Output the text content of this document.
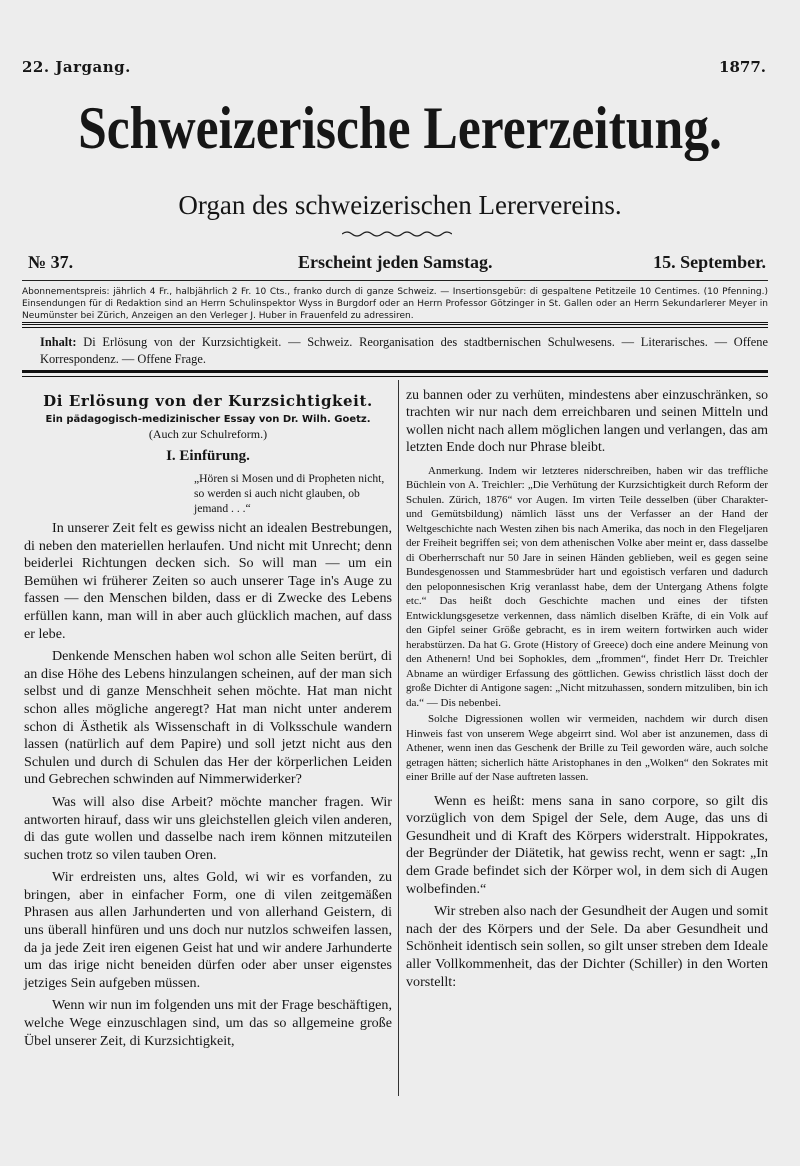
22. Jargang.	1877.
Schweizerische Lererzeitung.
Organ des schweizerischen Lerervereins.
№ 37.	Erscheint jeden Samstag.	15. September.
Abonnementspreis: jährlich 4 Fr., halbjährlich 2 Fr. 10 Cts., franko durch di ganze Schweiz. — Insertionsgebür: di gespaltene Petitzeile 10 Centimes. (10 Pfenning.) Einsendungen für di Redaktion sind an Herrn Schulinspektor Wyss in Burgdorf oder an Herrn Professor Götzinger in St. Gallen oder an Herrn Sekundarlerer Meyer in Neumünster bei Zürich, Anzeigen an den Verleger J. Huber in Frauenfeld zu adressiren.
Inhalt: Di Erlösung von der Kurzsichtigkeit. — Schweiz. Reorganisation des stadtbernischen Schulwesens. — Literarisches. — Offene Korrespondenz. — Offene Frage.
Di Erlösung von der Kurzsichtigkeit.
Ein pädagogisch-medizinischer Essay von Dr. Wilh. Goetz.
(Auch zur Schulreform.)
I. Einfürung.
„Hören si Mosen und di Propheten nicht, so werden si auch nicht glauben, ob jemand . . .“

In unserer Zeit felt es gewiss nicht an idealen Bestrebungen, di neben den materiellen herlaufen. Und nicht mit Unrecht; denn beiderlei Richtungen decken sich. So will man — um ein Bemühen wi früherer Zeiten so auch unserer Tage in's Auge zu fassen — den Menschen bilden, dass er di Zwecke des Lebens erfüllen kann, man will in aber auch glücklich machen, auf dass er lebe.

Denkende Menschen haben wol schon alle Seiten berürt, di an dise Höhe des Lebens hinzulangen scheinen, auf der man sich selbst und di ganze Menschheit sehen möchte. Hat man nicht schon alles mögliche angeregt? Hat man nicht unter anderem schon di Ästhetik als Wissenschaft in di Volksschule wandern lassen (natürlich auf dem Papire) und soll jetzt nicht aus den Schulen und durch di Schulen das Her der körperlichen Leiden und Gebrechen schwinden auf Nimmerwiderker?

Was will also dise Arbeit? möchte mancher fragen. Wir antworten hirauf, dass wir uns gleichstellen gleich vilen anderen, di das gute wollen und dasselbe nach irem können mitzuteilen suchen trotz so vilen tauben Oren.

Wir erdreisten uns, altes Gold, wi wir es vorfanden, zu bringen, aber in einfacher Form, one di vilen zeitgemäßen Phrasen aus allen Jarhunderten und von allerhand Geistern, di uns überall hinfüren und uns doch nur nutzlos schweifen lassen, da ja jede Zeit iren eigenen Geist hat und wir andere Jarhunderte um das irige nicht beneiden dürfen oder aber unser eigenstes jetziges Sein aufgeben müssen.

Wenn wir nun im folgenden uns mit der Frage beschäftigen, welche Wege einzuschlagen sind, um das so allgemeine große Übel unserer Zeit, di Kurzsichtigkeit,

zu bannen oder zu verhüten, mindestens aber einzuschränken, so trachten wir nur nach dem erreichbaren und seinen Mitteln und wollen nicht nach allem möglichen langen und verlangen, das am letzten Ende doch nur Phrase bleibt.

Anmerkung. Indem wir letzteres niderschreiben, haben wir das treffliche Büchlein von A. Treichler: „Die Verhütung der Kurzsichtigkeit durch Reform der Schulen. Zürich, 1876“ vor Augen. Im virten Teile desselben (über Charakter- und Gemütsbildung) nämlich lässt uns der Verfasser an der Hand der Weltgeschichte nach Westen zihen bis nach Amerika, das noch in den Flegeljaren der Freiheit begriffen sei; von dem athenischen Volke aber meint er, dass dasselbe di Oberherrschaft nur 50 Jare in seinen Händen geblieben, weil es gegen seine Bundesgenossen und Stammesbrüder hart und egoistisch verfaren und dadurch den peloponnesischen Krig veranlasst habe, dem der Untergang Athens folgte etc.“ Das heißt doch Geschichte machen und eines der tifsten Entwicklungsgesetze verkennen, dass nämlich diselben Kräfte, di ein Volk auf den Gipfel seiner Größe gebracht, es in irem weitern fortwirken auch wider herabstürzen. Da hat G. Grote (History of Greece) doch eine andere Meinung von den Athenern! Und bei Sophokles, dem „frommen“, findet Herr Dr. Treichler Abname an würdiger Erfassung des göttlichen. Gewiss christlich lässt doch der große Dichter di Antigone sagen: „Nicht mitzuhassen, sondern mitzuliben, bin ich da.“ — Dis nebenbei.

Solche Digressionen wollen wir vermeiden, nachdem wir durch disen Hinweis fast von unserem Wege abgeirrt sind. Wol aber ist anzunemen, dass di Athener, wenn inen das Geschenk der Brille zu Teil geworden wäre, auch solche getragen hätten; sicherlich hätte Aristophanes in den „Wolken“ den Sokrates mit einer Brille auf der Nase auftreten lassen.

Wenn es heißt: mens sana in sano corpore, so gilt dis vorzüglich von dem Spigel der Sele, dem Auge, das uns di Gesundheit und di Kraft des Körpers widerstralt. Hippokrates, der Begründer der Diätetik, hat gewiss recht, wenn er sagt: „In dem Grade befindet sich der Körper wol, in dem sich di Augen wolbefinden.“

Wir streben also nach der Gesundheit der Augen und somit nach der des Körpers und der Sele. Da aber Gesundheit und Schönheit identisch sein sollen, so gilt unser streben dem Ideale aller Vollkommenheit, das der Dichter (Schiller) in den Worten vorstellt:
